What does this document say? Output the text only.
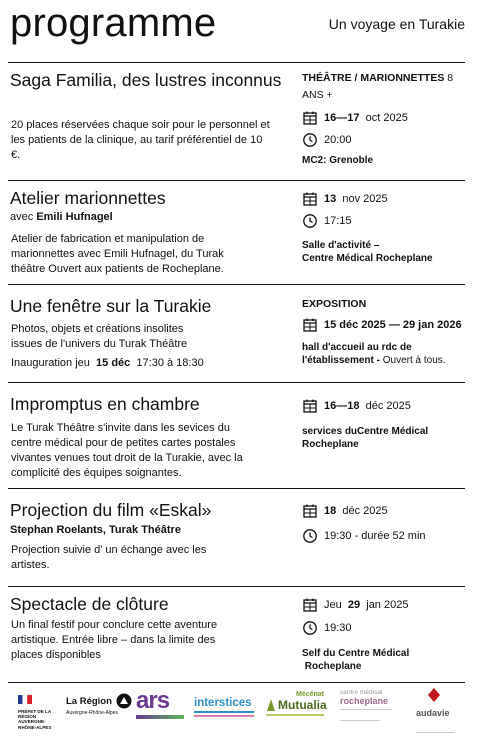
programme	Un voyage en Turakie
Saga Familia, des lustres inconnus
20 places réservées chaque soir pour le personnel et les patients de la clinique, au tarif préférentiel de 10 €.
THÉÂTRE / MARIONNETTES 8 ANS +
16—17
oct 2025
20:00
MC2: Grenoble
Atelier marionnettes
avec Emili Hufnagel
Atelier de fabrication et manipulation de marionnettes avec Emili Hufnagel, du Turak théâtre Ouvert aux patients de Rocheplane.
13
nov 2025
17:15
Salle d'activité –
Centre Médical Rocheplane
Une fenêtre sur la Turakie
Photos, objets et créations insolites issues de l'univers du Turak Théâtre
Inauguration jeu 15 déc 17:30 à 18:30
EXPOSITION
15 déc 2025 — 29 jan 2026
hall d'accueil au rdc de
l'établissement - Ouvert à tous.
Impromptus en chambre
Le Turak Théâtre s'invite dans les sevices du centre médical pour de petites cartes postales vivantes venues tout droit de la Turakie, avec la complicité des équipes soignantes.
16—18
déc 2025
services duCentre Médical
Rocheplane
Projection du film «Eskal»
Stephan Roelants, Turak Théâtre
Projection suivie d' un échange avec les artistes.
18
déc 2025
19:30 - durée 52 min
Spectacle de clôture
Un final festif pour conclure cette aventure artistique. Entrée libre – dans la limite des places disponibles
Jeu
29
jan 2025
19:30
Self du Centre Médical
Rocheplane
PRÉFET DE LA RÉGION AUVERGNE- RHÔNE-ALPES
La Région
Auvergne-Rhône-Alpes ars	interstices
Mécénat
Mutualia
centre médical
rocheplane
audavie
